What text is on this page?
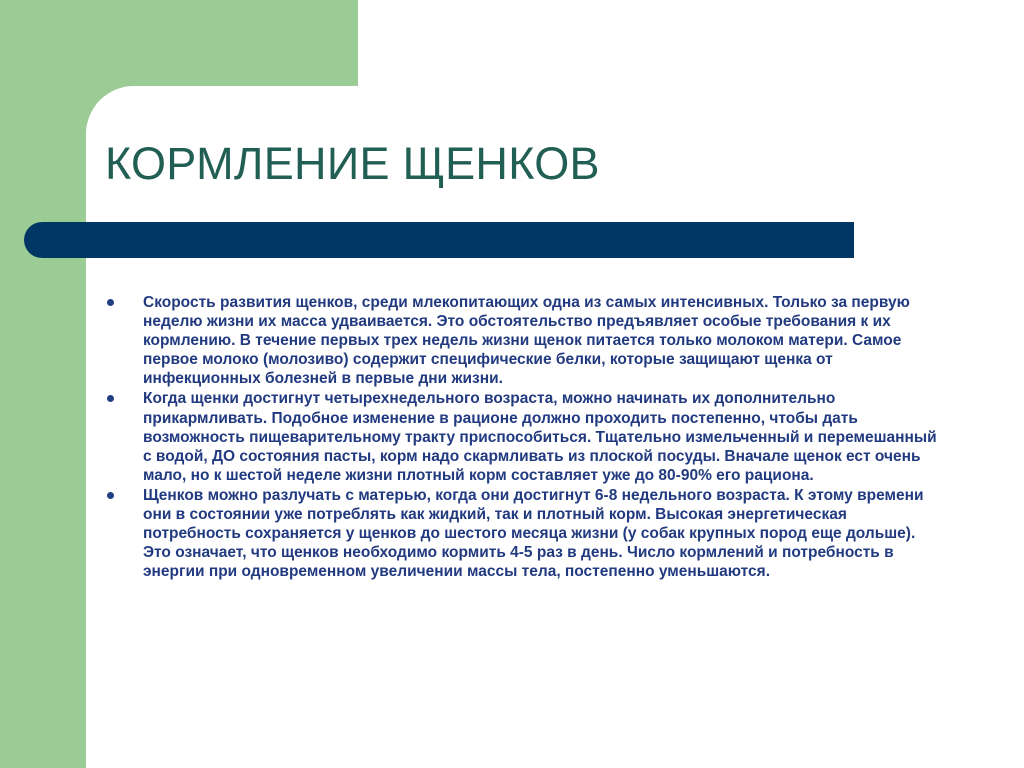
КОРМЛЕНИЕ ЩЕНКОВ
Скорость развития щенков, среди млекопитающих одна из самых интенсивных. Только за первую неделю жизни их масса удваивается. Это обстоятельство предъявляет особые требования к их кормлению. В течение первых трех недель жизни щенок питается только молоком матери. Самое первое молоко (молозиво) содержит специфические белки, которые защищают щенка от инфекционных болезней в первые дни жизни.
Когда щенки достигнут четырехнедельного возраста, можно начинать их дополнительно прикармливать. Подобное изменение в рационе должно проходить постепенно, чтобы дать возможность пищеварительному тракту приспособиться. Тщательно измельченный и перемешанный с водой, ДО состояния пасты, корм надо скармливать из плоской посуды. Вначале щенок ест очень мало, но к шестой неделе жизни плотный корм составляет уже до 80-90% его рациона.
Щенков можно разлучать с матерью, когда они достигнут 6-8 недельного возраста. К этому времени они в состоянии уже потреблять как жидкий, так и плотный корм. Высокая энергетическая потребность сохраняется у щенков до шестого месяца жизни (у собак крупных пород еще дольше). Это означает, что щенков необходимо кормить 4-5 раз в день. Число кормлений и потребность в энергии при одновременном увеличении массы тела, постепенно уменьшаются.
